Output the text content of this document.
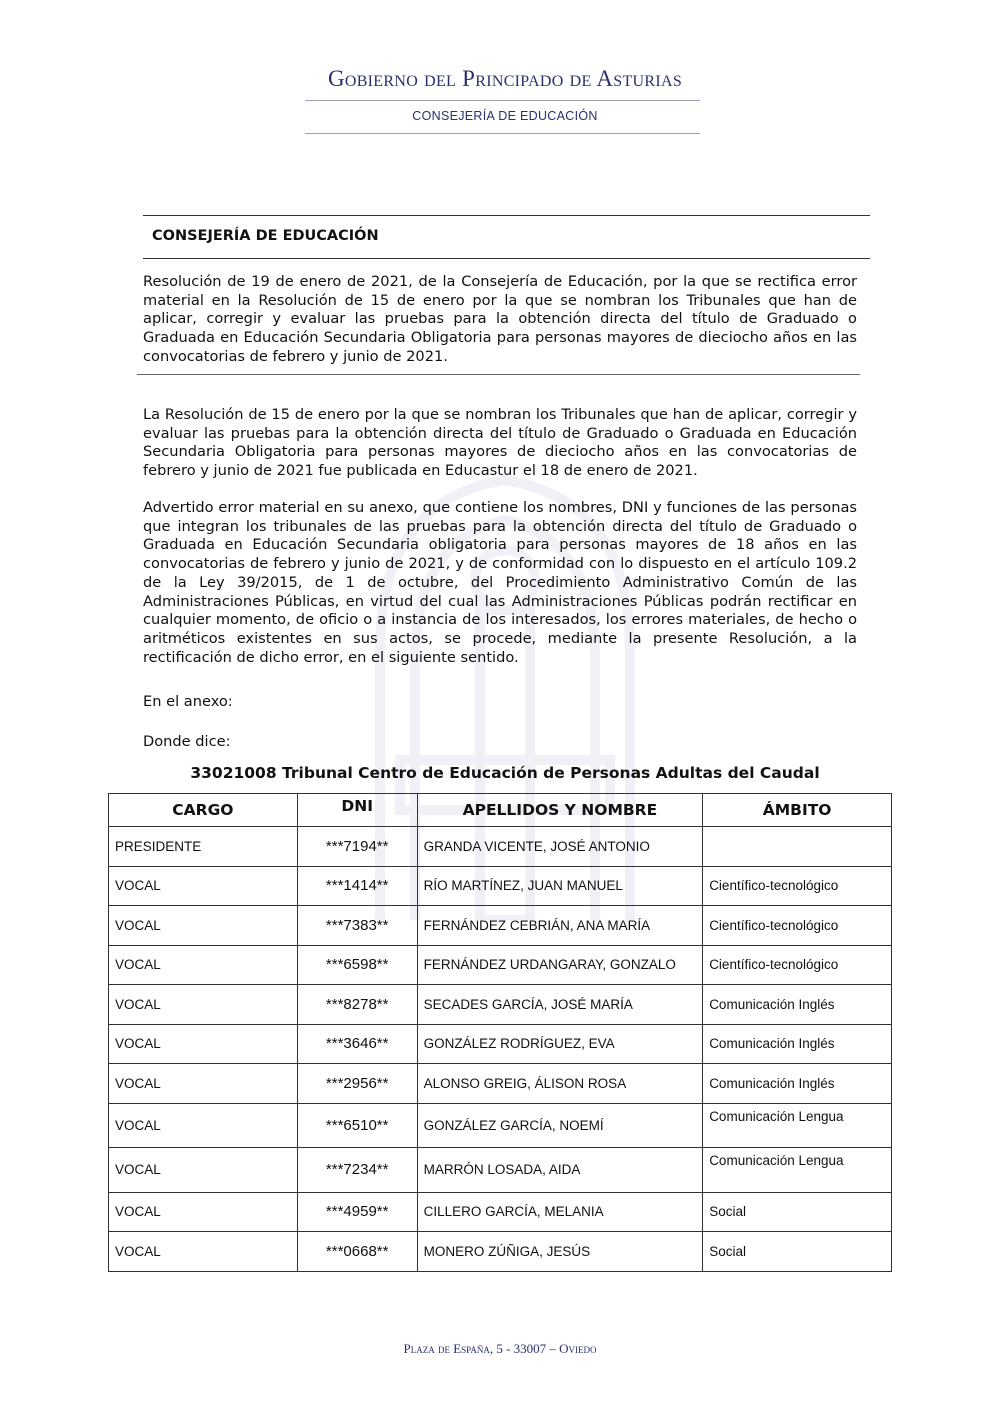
Gobierno del Principado de Asturias
CONSEJERÍA DE EDUCACIÓN
CONSEJERÍA DE EDUCACIÓN
Resolución de 19 de enero de 2021, de la Consejería de Educación, por la que se rectifica error material en la Resolución de 15 de enero por la que se nombran los Tribunales que han de aplicar, corregir y evaluar las pruebas para la obtención directa del título de Graduado o Graduada en Educación Secundaria Obligatoria para personas mayores de dieciocho años en las convocatorias de febrero y junio de 2021.
La Resolución de 15 de enero por la que se nombran los Tribunales que han de aplicar, corregir y evaluar las pruebas para la obtención directa del título de Graduado o Graduada en Educación Secundaria Obligatoria para personas mayores de dieciocho años en las convocatorias de febrero y junio de 2021 fue publicada en Educastur el 18 de enero de 2021.
Advertido error material en su anexo, que contiene los nombres, DNI y funciones de las personas que integran los tribunales de las pruebas para la obtención directa del título de Graduado o Graduada en Educación Secundaria obligatoria para personas mayores de 18 años en las convocatorias de febrero y junio de 2021, y de conformidad con lo dispuesto en el artículo 109.2 de la Ley 39/2015, de 1 de octubre, del Procedimiento Administrativo Común de las Administraciones Públicas, en virtud del cual las Administraciones Públicas podrán rectificar en cualquier momento, de oficio o a instancia de los interesados, los errores materiales, de hecho o aritméticos existentes en sus actos, se procede, mediante la presente Resolución, a la rectificación de dicho error, en el siguiente sentido.
En el anexo:
Donde dice:
33021008 Tribunal Centro de Educación de Personas Adultas del Caudal
CARGO	DNI	APELLIDOS Y NOMBRE	ÁMBITO
PRESIDENTE	***7194**	GRANDA VICENTE, JOSÉ ANTONIO	
VOCAL	***1414**	RÍO MARTÍNEZ, JUAN MANUEL	Científico-tecnológico
VOCAL	***7383**	FERNÁNDEZ CEBRIÁN, ANA MARÍA	Científico-tecnológico
VOCAL	***6598**	FERNÁNDEZ URDANGARAY, GONZALO	Científico-tecnológico
VOCAL	***8278**	SECADES GARCÍA, JOSÉ MARÍA	Comunicación Inglés
VOCAL	***3646**	GONZÁLEZ RODRÍGUEZ, EVA	Comunicación Inglés
VOCAL	***2956**	ALONSO GREIG, ÁLISON ROSA	Comunicación Inglés
VOCAL	***6510**	GONZÁLEZ GARCÍA, NOEMÍ	Comunicación Lengua
VOCAL	***7234**	MARRÓN LOSADA, AIDA	Comunicación Lengua
VOCAL	***4959**	CILLERO GARCÍA, MELANIA	Social
VOCAL	***0668**	MONERO ZÚÑIGA, JESÚS	Social
Plaza de España, 5 - 33007 – Oviedo
